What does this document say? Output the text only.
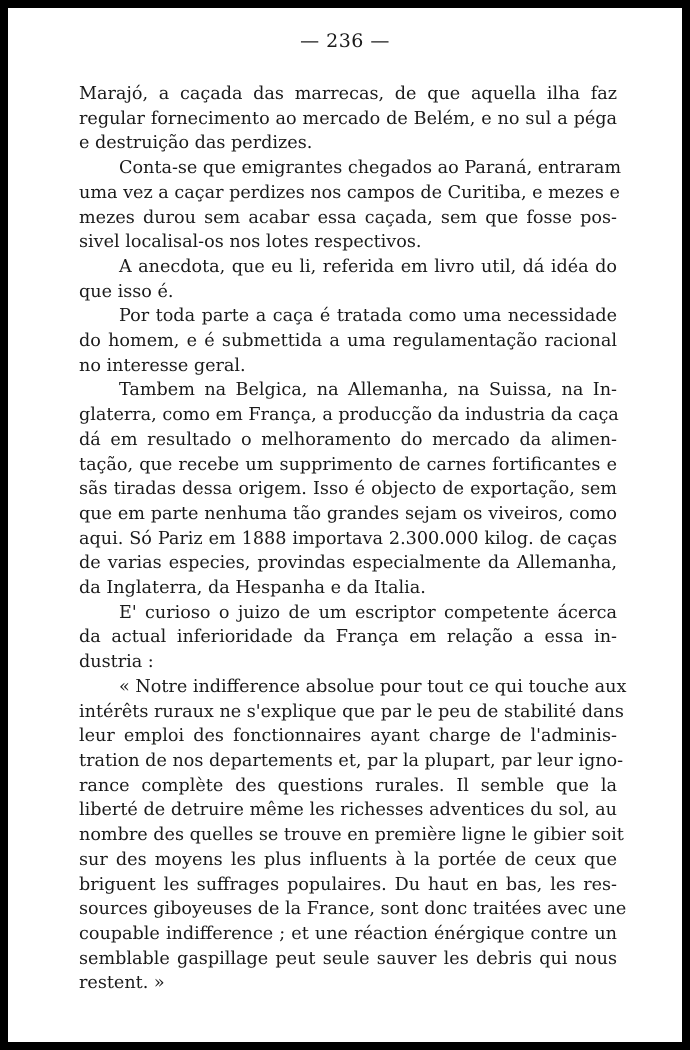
— 236 —

Marajó, a caçada das marrecas, de que aquella ilha faz
regular fornecimento ao mercado de Belém, e no sul a péga
e destruição das perdizes.

Conta-se que emigrantes chegados ao Paraná, entraram
uma vez a caçar perdizes nos campos de Curitiba, e mezes e
mezes durou sem acabar essa caçada, sem que fosse pos-
sivel localisal-os nos lotes respectivos.

A anecdota, que eu li, referida em livro util, dá idéa do
que isso é.

Por toda parte a caça é tratada como uma necessidade
do homem, e é submettida a uma regulamentação racional
no interesse geral.

Tambem na Belgica, na Allemanha, na Suissa, na In-
glaterra, como em França, a producção da industria da caça
dá em resultado o melhoramento do mercado da alimen-
tação, que recebe um supprimento de carnes fortificantes e
sãs tiradas dessa origem. Isso é objecto de exportação, sem
que em parte nenhuma tão grandes sejam os viveiros, como
aqui. Só Pariz em 1888 importava 2.300.000 kilog. de caças
de varias especies, provindas especialmente da Allemanha,
da Inglaterra, da Hespanha e da Italia.

E' curioso o juizo de um escriptor competente ácerca
da actual inferioridade da França em relação a essa in-
dustria :

« Notre indifference absolue pour tout ce qui touche aux
intérêts ruraux ne s'explique que par le peu de stabilité dans
leur emploi des fonctionnaires ayant charge de l'adminis-
tration de nos departements et, par la plupart, par leur igno-
rance complète des questions rurales. Il semble que la
liberté de detruire même les richesses adventices du sol, au
nombre des quelles se trouve en première ligne le gibier soit
sur des moyens les plus influents à la portée de ceux que
briguent les suffrages populaires. Du haut en bas, les res-
sources giboyeuses de la France, sont donc traitées avec une
coupable indifference ; et une réaction énérgique contre un
semblable gaspillage peut seule sauver les debris qui nous
restent. »
